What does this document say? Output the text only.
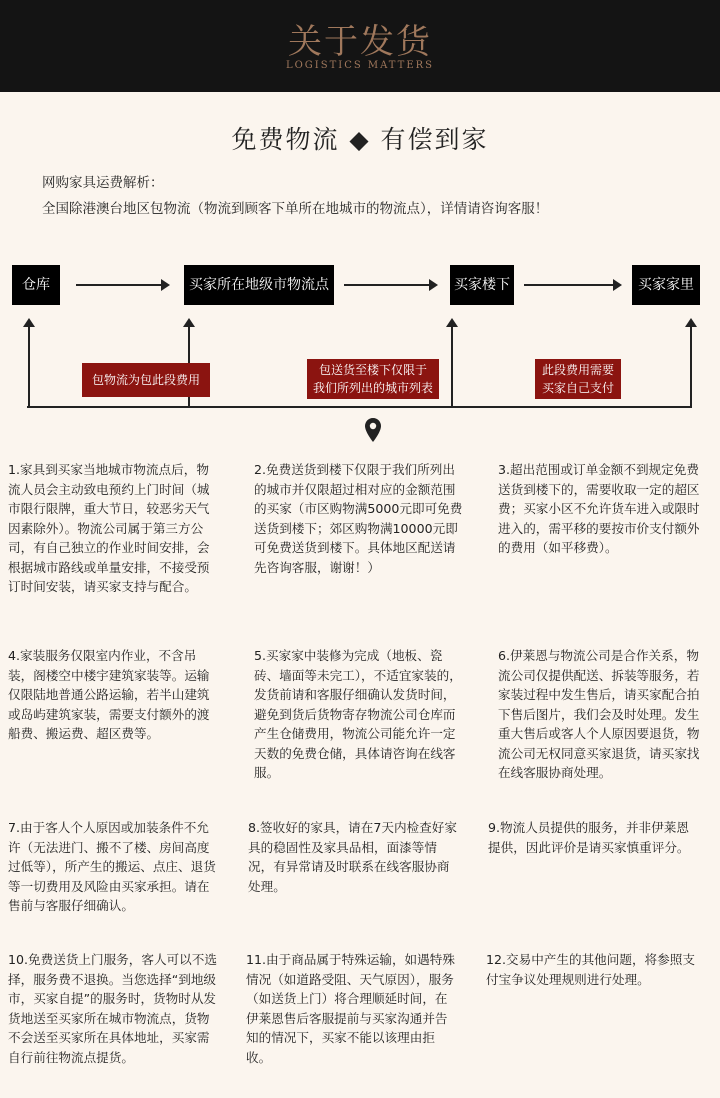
关于发货
LOGISTICS MATTERS
免费物流 ◆ 有偿到家
网购家具运费解析：
全国除港澳台地区包物流（物流到顾客下单所在地城市的物流点），详情请咨询客服！
仓库	买家所在地级市物流点	买家楼下	买家家里
包物流为包此段费用
包送货至楼下仅限于
我们所列出的城市列表
此段费用需要
买家自己支付
1.家具到买家当地城市物流点后，物流人员会主动致电预约上门时间（城市限行限牌，重大节日，较恶劣天气因素除外）。物流公司属于第三方公司，有自己独立的作业时间安排，会根据城市路线或单量安排，不接受预订时间安装，请买家支持与配合。
2.免费送货到楼下仅限于我们所列出的城市并仅限超过相对应的金额范围的买家（市区购物满5000元即可免费送货到楼下；郊区购物满10000元即可免费送货到楼下。具体地区配送请先咨询客服，谢谢！）
3.超出范围或订单金额不到规定免费送货到楼下的，需要收取一定的超区费；买家小区不允许货车进入或限时进入的，需平移的要按市价支付额外的费用（如平移费）。
4.家装服务仅限室内作业，不含吊装，阁楼空中楼宇建筑家装等。运输仅限陆地普通公路运输，若半山建筑或岛屿建筑家装，需要支付额外的渡船费、搬运费、超区费等。
5.买家家中装修为完成（地板、瓷砖、墙面等未完工），不适宜家装的，发货前请和客服仔细确认发货时间，避免到货后货物寄存物流公司仓库而产生仓储费用，物流公司能允许一定天数的免费仓储，具体请咨询在线客服。
6.伊莱恩与物流公司是合作关系，物流公司仅提供配送、拆装等服务，若家装过程中发生售后，请买家配合拍下售后图片，我们会及时处理。发生重大售后或客人个人原因要退货，物流公司无权同意买家退货，请买家找在线客服协商处理。
7.由于客人个人原因或加装条件不允许（无法进门、搬不了楼、房间高度过低等），所产生的搬运、点庄、退货等一切费用及风险由买家承担。请在售前与客服仔细确认。
8.签收好的家具，请在7天内检查好家具的稳固性及家具品相，面漆等情况，有异常请及时联系在线客服协商处理。
9.物流人员提供的服务，并非伊莱恩提供，因此评价是请买家慎重评分。
10.免费送货上门服务，客人可以不选择，服务费不退换。当您选择“到地级市，买家自提”的服务时，货物时从发货地送至买家所在城市物流点，货物不会送至买家所在具体地址，买家需自行前往物流点提货。
11.由于商品属于特殊运输，如遇特殊情况（如道路受阻、天气原因），服务（如送货上门）将合理顺延时间，在伊莱恩售后客服提前与买家沟通并告知的情况下，买家不能以该理由拒收。
12.交易中产生的其他问题，将参照支付宝争议处理规则进行处理。
